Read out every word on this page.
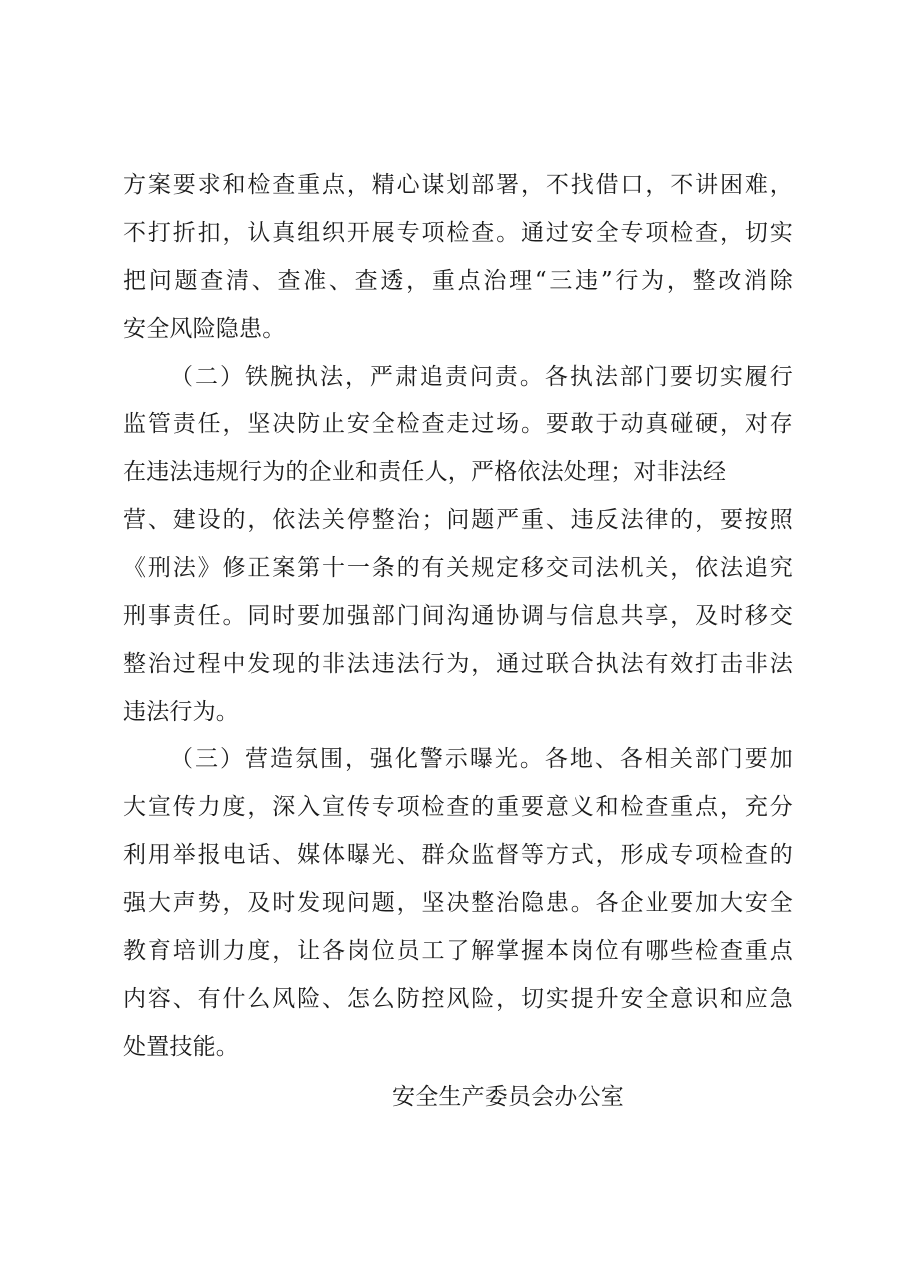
方案要求和检查重点，精心谋划部署，不找借口，不讲困难，
不打折扣，认真组织开展专项检查。通过安全专项检查，切实
把问题查清、查准、查透，重点治理“三违”行为，整改消除
安全风险隐患。
（二）铁腕执法，严肃追责问责。各执法部门要切实履行
监管责任，坚决防止安全检查走过场。要敢于动真碰硬，对存
在违法违规行为的企业和责任人，严格依法处理；对非法经
营、建设的，依法关停整治；问题严重、违反法律的，要按照
《刑法》修正案第十一条的有关规定移交司法机关，依法追究
刑事责任。同时要加强部门间沟通协调与信息共享，及时移交
整治过程中发现的非法违法行为，通过联合执法有效打击非法
违法行为。
（三）营造氛围，强化警示曝光。各地、各相关部门要加
大宣传力度，深入宣传专项检查的重要意义和检查重点，充分
利用举报电话、媒体曝光、群众监督等方式，形成专项检查的
强大声势，及时发现问题，坚决整治隐患。各企业要加大安全
教育培训力度，让各岗位员工了解掌握本岗位有哪些检查重点
内容、有什么风险、怎么防控风险，切实提升安全意识和应急
处置技能。
安全生产委员会办公室
